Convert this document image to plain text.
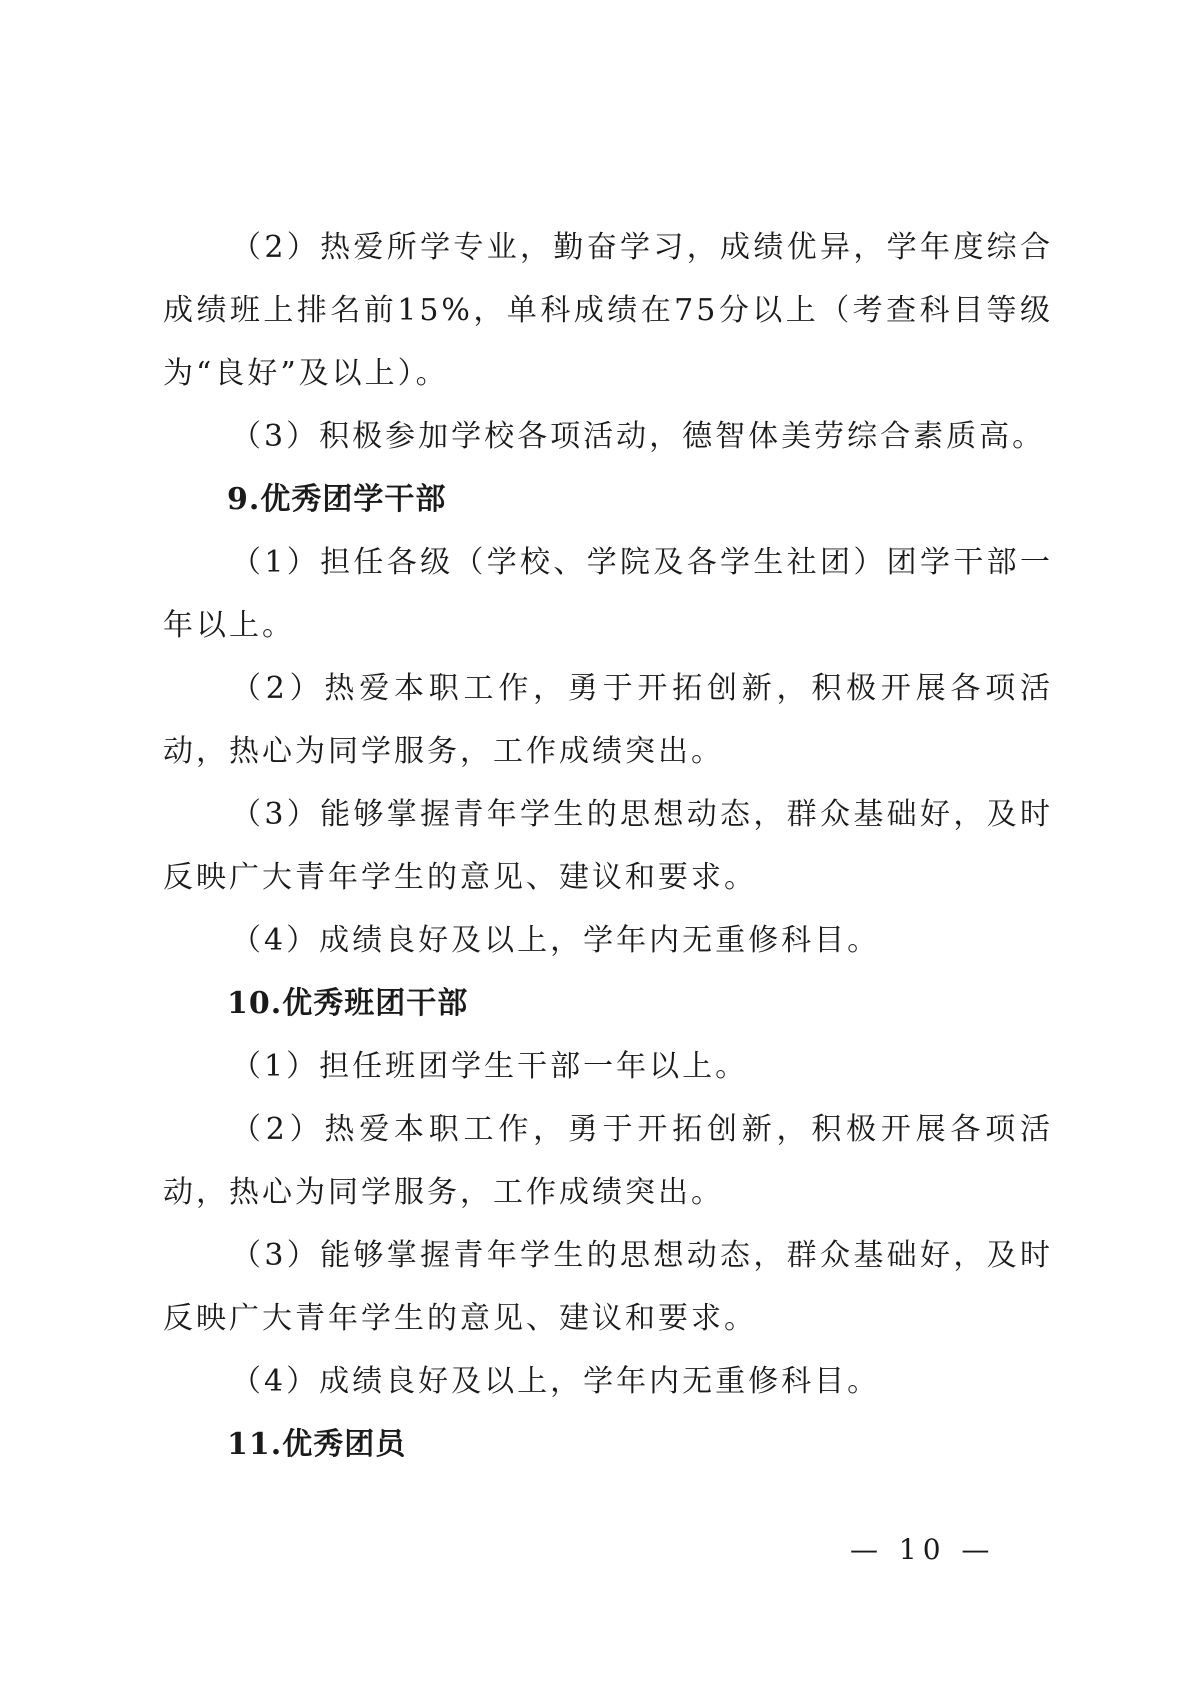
（2）热爱所学专业，勤奋学习，成绩优异，学年度综合成绩班上排名前15%，单科成绩在75分以上（考查科目等级为“良好”及以上）。

（3）积极参加学校各项活动，德智体美劳综合素质高。

9.优秀团学干部

（1）担任各级（学校、学院及各学生社团）团学干部一年以上。

（2）热爱本职工作，勇于开拓创新，积极开展各项活动，热心为同学服务，工作成绩突出。

（3）能够掌握青年学生的思想动态，群众基础好，及时反映广大青年学生的意见、建议和要求。

（4）成绩良好及以上，学年内无重修科目。

10.优秀班团干部

（1）担任班团学生干部一年以上。

（2）热爱本职工作，勇于开拓创新，积极开展各项活动，热心为同学服务，工作成绩突出。

（3）能够掌握青年学生的思想动态，群众基础好，及时反映广大青年学生的意见、建议和要求。

（4）成绩良好及以上，学年内无重修科目。

11.优秀团员

— 10 —
